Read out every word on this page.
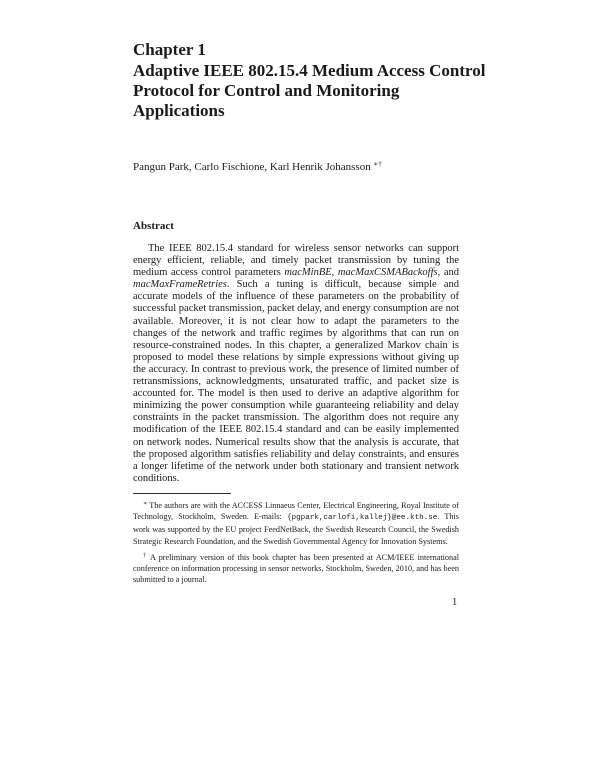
Chapter 1
Adaptive IEEE 802.15.4 Medium Access Control
Protocol for Control and Monitoring
Applications
Pangun Park, Carlo Fischione, Karl Henrik Johansson ∗†
Abstract

The IEEE 802.15.4 standard for wireless sensor networks can support energy efficient, reliable, and timely packet transmission by tuning the medium access control parameters macMinBE, macMaxCSMABackoffs, and macMaxFrameRetries. Such a tuning is difficult, because simple and accurate models of the influence of these parameters on the probability of successful packet transmission, packet delay, and energy consumption are not available. Moreover, it is not clear how to adapt the parameters to the changes of the network and traffic regimes by algorithms that can run on resource-constrained nodes. In this chapter, a generalized Markov chain is proposed to model these relations by simple expressions without giving up the accuracy. In contrast to previous work, the presence of limited number of retransmissions, acknowledgments, unsaturated traffic, and packet size is accounted for. The model is then used to derive an adaptive algorithm for minimizing the power consumption while guaranteeing reliability and delay constraints in the packet transmission. The algorithm does not require any modification of the IEEE 802.15.4 standard and can be easily implemented on network nodes. Numerical results show that the analysis is accurate, that the proposed algorithm satisfies reliability and delay constraints, and ensures a longer lifetime of the network under both stationary and transient network conditions.

∗ The authors are with the ACCESS Linnaeus Center, Electrical Engineering, Royal Institute of Technology, Stockholm, Sweden. E-mails: {pgpark,carlofi,kallej}@ee.kth.se. This work was supported by the EU project FeedNetBack, the Swedish Research Council, the Swedish Strategic Research Foundation, and the Swedish Governmental Agency for Innovation Systems.

† A preliminary version of this book chapter has been presented at ACM/IEEE international conference on information processing in sensor networks, Stockholm, Sweden, 2010, and has been submitted to a journal.

1
